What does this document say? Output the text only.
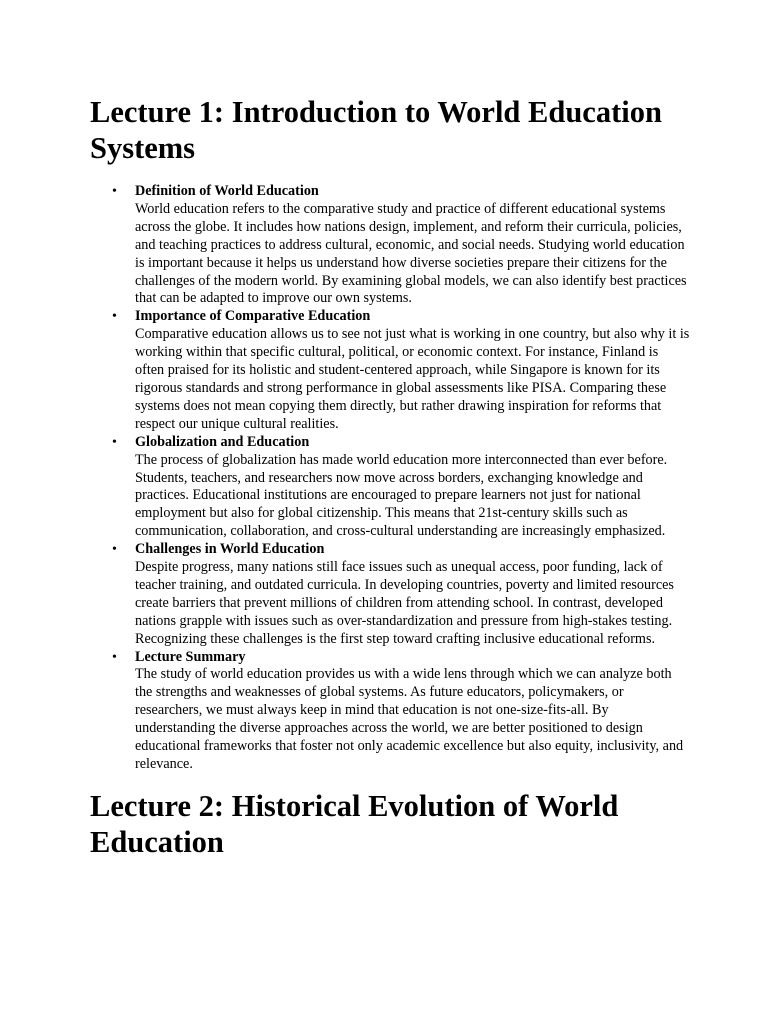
Lecture 1: Introduction to World Education Systems
• Definition of World Education
World education refers to the comparative study and practice of different educational systems across the globe. It includes how nations design, implement, and reform their curricula, policies, and teaching practices to address cultural, economic, and social needs. Studying world education is important because it helps us understand how diverse societies prepare their citizens for the challenges of the modern world. By examining global models, we can also identify best practices that can be adapted to improve our own systems.
• Importance of Comparative Education
Comparative education allows us to see not just what is working in one country, but also why it is working within that specific cultural, political, or economic context. For instance, Finland is often praised for its holistic and student-centered approach, while Singapore is known for its rigorous standards and strong performance in global assessments like PISA. Comparing these systems does not mean copying them directly, but rather drawing inspiration for reforms that respect our unique cultural realities.
• Globalization and Education
The process of globalization has made world education more interconnected than ever before. Students, teachers, and researchers now move across borders, exchanging knowledge and practices. Educational institutions are encouraged to prepare learners not just for national employment but also for global citizenship. This means that 21st-century skills such as communication, collaboration, and cross-cultural understanding are increasingly emphasized.
• Challenges in World Education
Despite progress, many nations still face issues such as unequal access, poor funding, lack of teacher training, and outdated curricula. In developing countries, poverty and limited resources create barriers that prevent millions of children from attending school. In contrast, developed nations grapple with issues such as over-standardization and pressure from high-stakes testing. Recognizing these challenges is the first step toward crafting inclusive educational reforms.
• Lecture Summary
The study of world education provides us with a wide lens through which we can analyze both the strengths and weaknesses of global systems. As future educators, policymakers, or researchers, we must always keep in mind that education is not one-size-fits-all. By understanding the diverse approaches across the world, we are better positioned to design educational frameworks that foster not only academic excellence but also equity, inclusivity, and relevance.
Lecture 2: Historical Evolution of World Education
